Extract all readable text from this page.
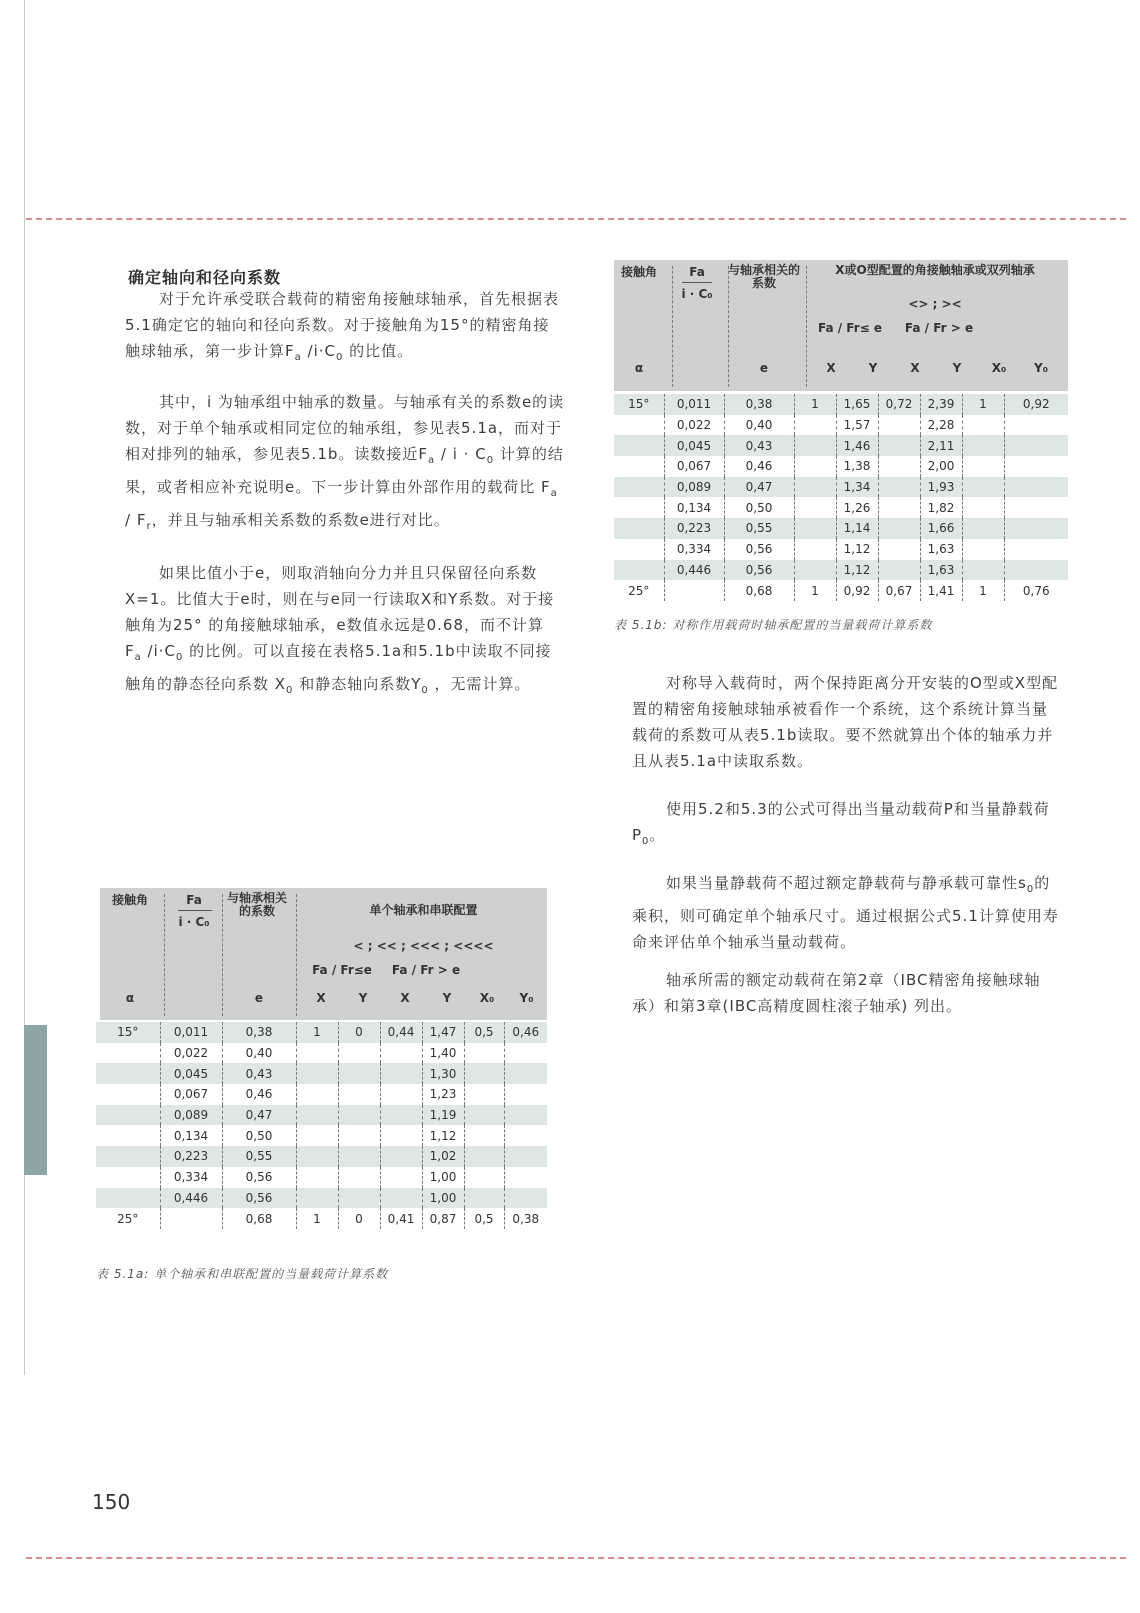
确定轴向和径向系数
对于允许承受联合载荷的精密角接触球轴承，首先根据表5.1确定它的轴向和径向系数。对于接触角为15°的精密角接触球轴承，第一步计算$F_a$ $/i\cdot C_0$ 的比值。
其中，i 为轴承组中轴承的数量。与轴承有关的系数e的读数，对于单个轴承或相同定位的轴承组，参见表5.1a，而对于相对排列的轴承，参见表5.1b。读数接近$F_a / i \cdot C_0$ 计算的结果，或者相应补充说明e。下一步计算由外部作用的载荷比 $F_a / F_r$，并且与轴承相关系数的系数e进行对比。
如果比值小于e，则取消轴向分力并且只保留径向系数X=1。比值大于e时，则在与e同一行读取X和Y系数。对于接触角为25° 的角接触球轴承，e数值永远是0.68，而不计算 $F_a$ $/i\cdot C_0$ 的比例。可以直接在表格5.1a和5.1b中读取不同接触角的静态径向系数 $X_0$ 和静态轴向系数$Y_0$ ，无需计算。	对称导入载荷时，两个保持距离分开安装的O型或X型配置的精密角接触球轴承被看作一个系统，这个系统计算当量载荷的系数可从表5.1b读取。要不然就算出个体的轴承力并且从表5.1a中读取系数。
使用5.2和5.3的公式可得出当量动载荷P和当量静载荷$P_0$。
如果当量静载荷不超过额定静载荷与静承载可靠性$s_0$的乘积，则可确定单个轴承尺寸。通过根据公式5.1计算使用寿命来评估单个轴承当量动载荷。
轴承所需的额定动载荷在第2章（IBC精密角接触球轴承）和第3章(IBC高精度圆柱滚子轴承) 列出。
接触角	Fa
i · C₀
与轴承相关的系数
X或O型配置的角接触轴承或双列轴承
<> ; ><
Fa / Fr≤ e	Fa / Fr > e
α	e	X	Y	X	Y	X₀	Y₀
15°	0,011	0,38	1	1,65	0,72	2,39	1	0,92
	0,022	0,40		1,57		2,28		
	0,045	0,43		1,46		2,11		
	0,067	0,46		1,38		2,00		
	0,089	0,47		1,34		1,93		
	0,134	0,50		1,26		1,82		
	0,223	0,55		1,14		1,66		
	0,334	0,56		1,12		1,63		
	0,446	0,56		1,12		1,63		
25°		0,68	1	0,92	0,67	1,41	1	0,76
表 5.1b: 对称作用载荷时轴承配置的当量载荷计算系数
接触角	Fa
i · C₀
与轴承相关的系数	单个轴承和串联配置
< ; << ; <<< ; <<<<
Fa / Fr≤e	Fa / Fr > e
α	e	X	Y	X	Y	X₀	Y₀
15°	0,011	0,38	1	0	0,44	1,47	0,5	0,46
	0,022	0,40				1,40		
	0,045	0,43				1,30		
	0,067	0,46				1,23		
	0,089	0,47				1,19		
	0,134	0,50				1,12		
	0,223	0,55				1,02		
	0,334	0,56				1,00		
	0,446	0,56				1,00		
25°		0,68	1	0	0,41	0,87	0,5	0,38
表 5.1a: 单个轴承和串联配置的当量载荷计算系数
150
